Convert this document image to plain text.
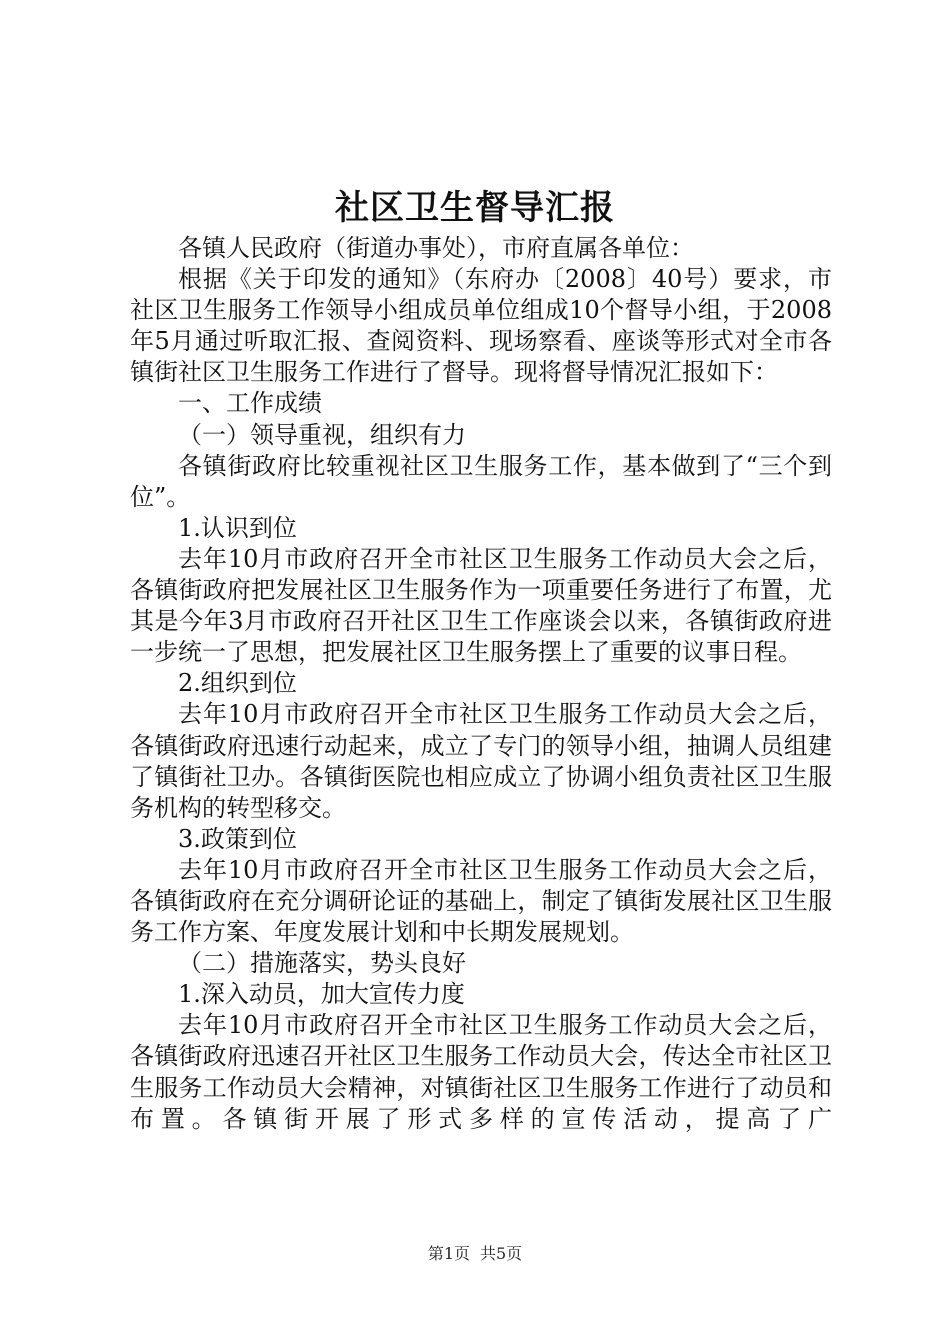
社区卫生督导汇报

各镇人民政府（街道办事处），市府直属各单位：

根据《关于印发的通知》（东府办〔2008〕40号）要求，市社区卫生服务工作领导小组成员单位组成10个督导小组，于2008年5月通过听取汇报、查阅资料、现场察看、座谈等形式对全市各镇街社区卫生服务工作进行了督导。现将督导情况汇报如下：

一、工作成绩

（一）领导重视，组织有力

各镇街政府比较重视社区卫生服务工作，基本做到了“三个到位”。

1.认识到位

去年10月市政府召开全市社区卫生服务工作动员大会之后，各镇街政府把发展社区卫生服务作为一项重要任务进行了布置，尤其是今年3月市政府召开社区卫生工作座谈会以来，各镇街政府进一步统一了思想，把发展社区卫生服务摆上了重要的议事日程。

2.组织到位

去年10月市政府召开全市社区卫生服务工作动员大会之后，各镇街政府迅速行动起来，成立了专门的领导小组，抽调人员组建了镇街社卫办。各镇街医院也相应成立了协调小组负责社区卫生服务机构的转型移交。

3.政策到位

去年10月市政府召开全市社区卫生服务工作动员大会之后，各镇街政府在充分调研论证的基础上，制定了镇街发展社区卫生服务工作方案、年度发展计划和中长期发展规划。

（二）措施落实，势头良好

1.深入动员，加大宣传力度

去年10月市政府召开全市社区卫生服务工作动员大会之后，各镇街政府迅速召开社区卫生服务工作动员大会，传达全市社区卫生服务工作动员大会精神，对镇街社区卫生服务工作进行了动员和布置。各镇街开展了形式多样的宣传活动，提高了广

第1页 共5页
